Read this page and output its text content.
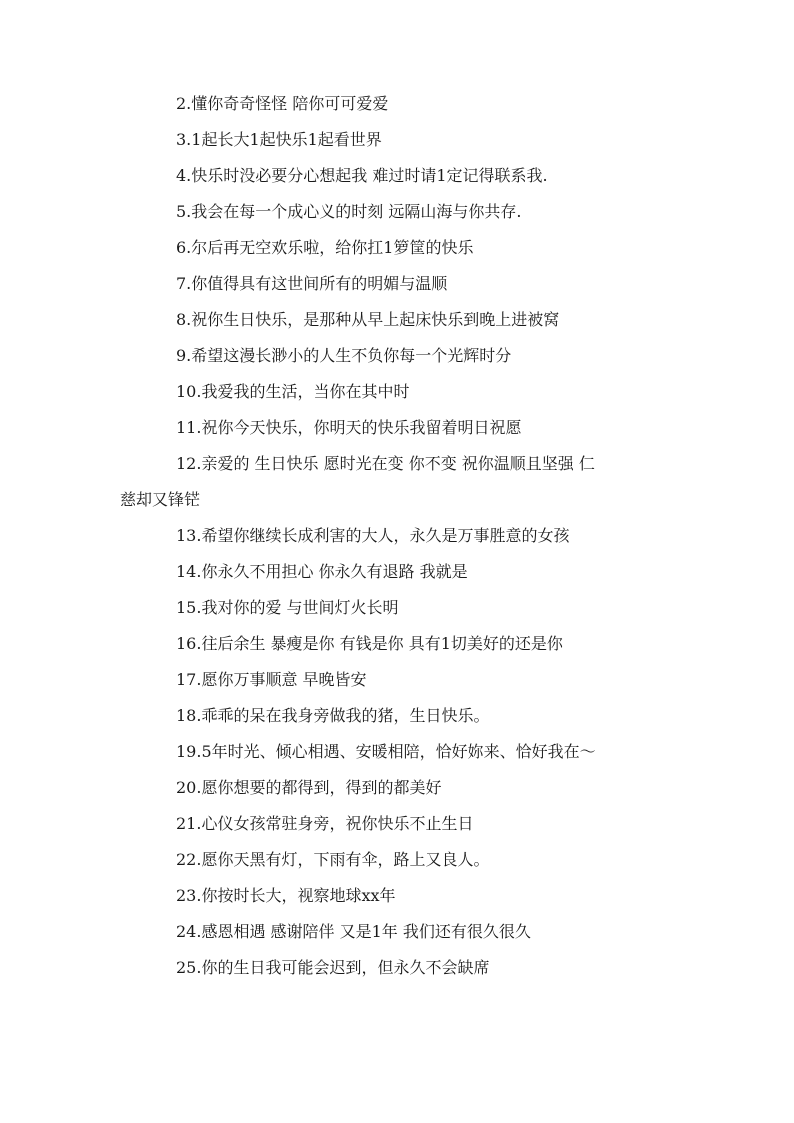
2.懂你奇奇怪怪 陪你可可爱爱
3.1起长大1起快乐1起看世界
4.快乐时没必要分心想起我 难过时请1定记得联系我.
5.我会在每一个成心义的时刻 远隔山海与你共存.
6.尔后再无空欢乐啦，给你扛1箩筐的快乐
7.你值得具有这世间所有的明媚与温顺
8.祝你生日快乐，是那种从早上起床快乐到晚上进被窝
9.希望这漫长渺小的人生不负你每一个光辉时分
10.我爱我的生活，当你在其中时
11.祝你今天快乐，你明天的快乐我留着明日祝愿
12.亲爱的 生日快乐 愿时光在变 你不变 祝你温顺且坚强 仁
慈却又锋铓
13.希望你继续长成利害的大人，永久是万事胜意的女孩
14.你永久不用担心 你永久有退路 我就是
15.我对你的爱 与世间灯火长明
16.往后余生 暴瘦是你 有钱是你 具有1切美好的还是你
17.愿你万事顺意 早晚皆安
18.乖乖的呆在我身旁做我的猪，生日快乐。
19.5年时光、倾心相遇、安暖相陪，恰好妳来、恰好我在～
20.愿你想要的都得到，得到的都美好
21.心仪女孩常驻身旁，祝你快乐不止生日
22.愿你天黑有灯，下雨有伞，路上又良人。
23.你按时长大，视察地球xx年
24.感恩相遇 感谢陪伴 又是1年 我们还有很久很久
25.你的生日我可能会迟到，但永久不会缺席
